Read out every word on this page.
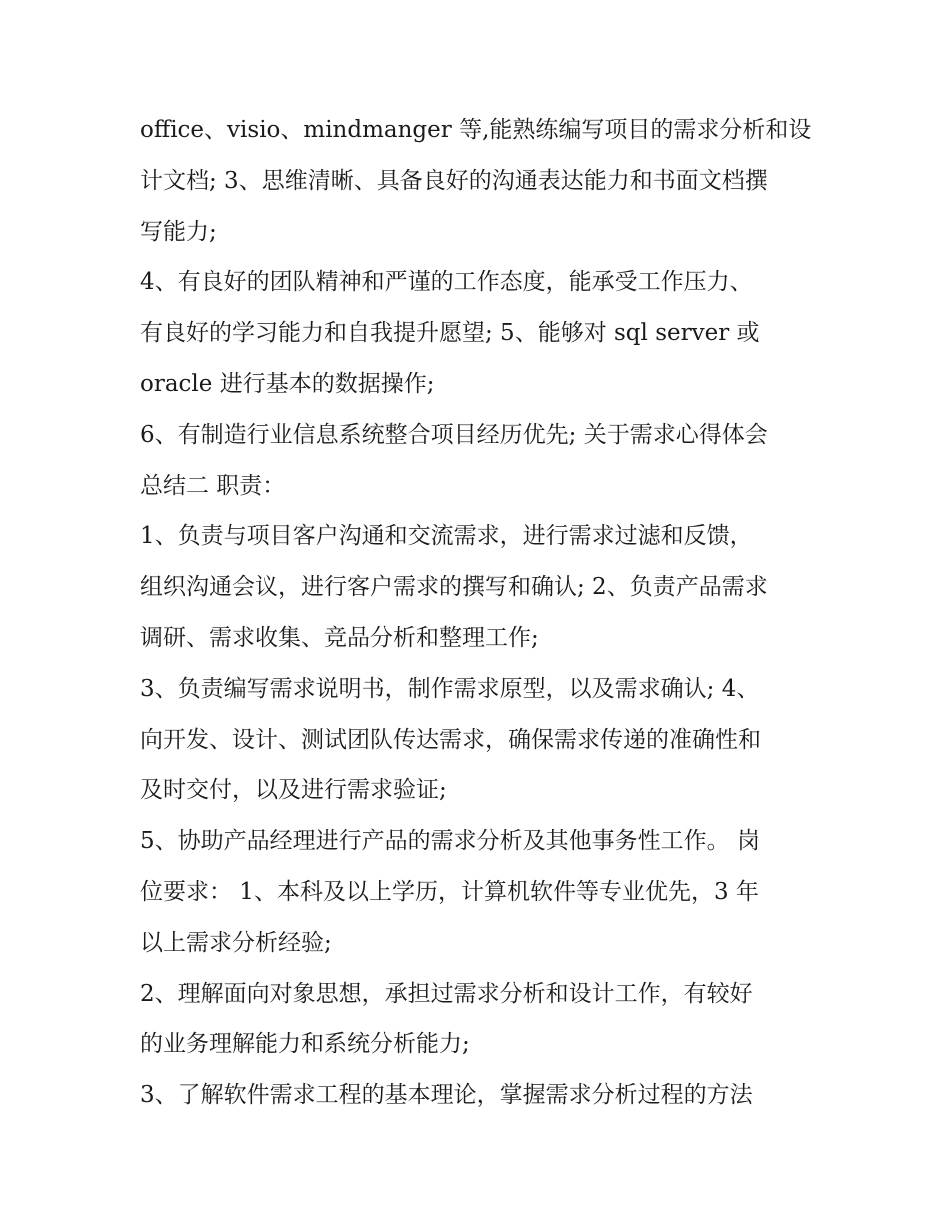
office、visio、mindmanger 等,能熟练编写项目的需求分析和设
计文档; 3、思维清晰、具备良好的沟通表达能力和书面文档撰
写能力;
4、有良好的团队精神和严谨的工作态度，能承受工作压力、
有良好的学习能力和自我提升愿望; 5、能够对 sql server 或
oracle 进行基本的数据操作;
6、有制造行业信息系统整合项目经历优先; 关于需求心得体会
总结二 职责：
1、负责与项目客户沟通和交流需求，进行需求过滤和反馈，
组织沟通会议，进行客户需求的撰写和确认; 2、负责产品需求
调研、需求收集、竞品分析和整理工作;
3、负责编写需求说明书，制作需求原型，以及需求确认; 4、
向开发、设计、测试团队传达需求，确保需求传递的准确性和
及时交付，以及进行需求验证;
5、协助产品经理进行产品的需求分析及其他事务性工作。 岗
位要求： 1、本科及以上学历，计算机软件等专业优先，3 年
以上需求分析经验;
2、理解面向对象思想，承担过需求分析和设计工作，有较好
的业务理解能力和系统分析能力;
3、了解软件需求工程的基本理论，掌握需求分析过程的方法
